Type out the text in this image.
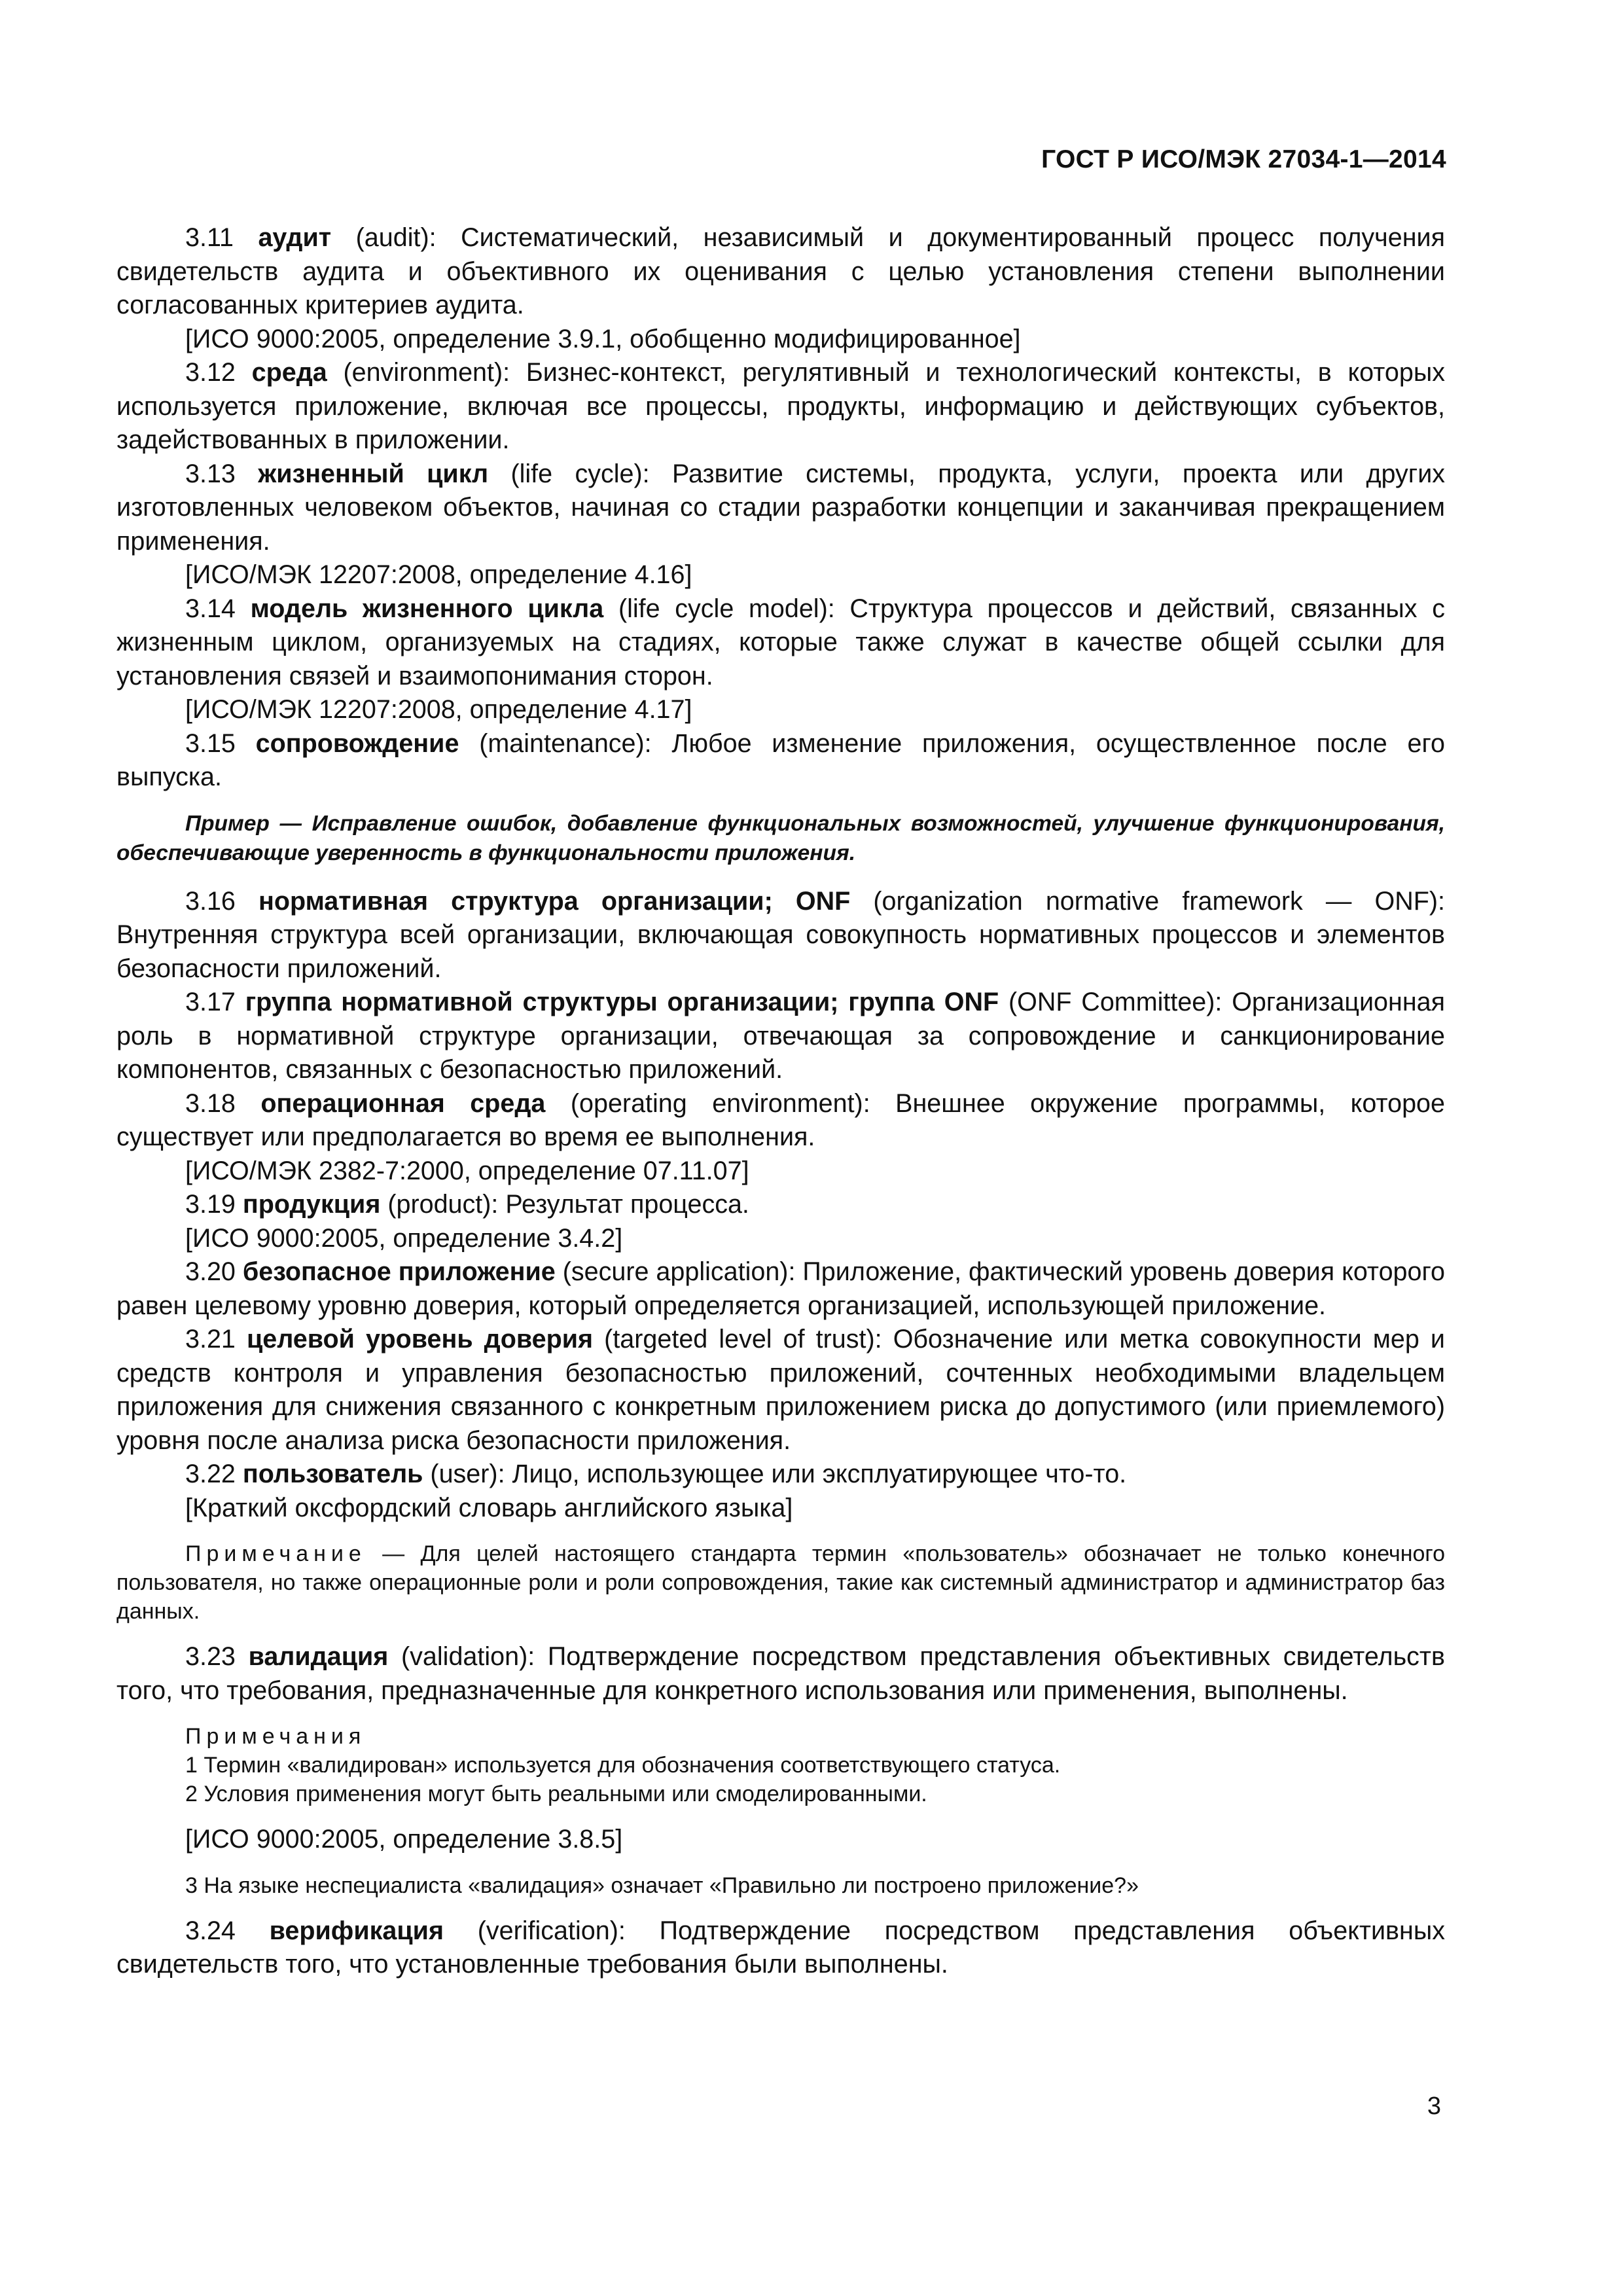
ГОСТ Р ИСО/МЭК 27034-1—2014

3.11 аудит (audit): Систематический, независимый и документированный процесс получения свидетельств аудита и объективного их оценивания с целью установления степени выполнении согласованных критериев аудита.

[ИСО 9000:2005, определение 3.9.1, обобщенно модифицированное]

3.12 среда (environment): Бизнес-контекст, регулятивный и технологический контексты, в которых используется приложение, включая все процессы, продукты, информацию и действующих субъектов, задействованных в приложении.

3.13 жизненный цикл (life cycle): Развитие системы, продукта, услуги, проекта или других изготовленных человеком объектов, начиная со стадии разработки концепции и заканчивая прекращением применения.

[ИСО/МЭК 12207:2008, определение 4.16]

3.14 модель жизненного цикла (life cycle model): Структура процессов и действий, связанных с жизненным циклом, организуемых на стадиях, которые также служат в качестве общей ссылки для установления связей и взаимопонимания сторон.

[ИСО/МЭК 12207:2008, определение 4.17]

3.15 сопровождение (maintenance): Любое изменение приложения, осуществленное после его выпуска.

Пример — Исправление ошибок, добавление функциональных возможностей, улучшение функционирования, обеспечивающие уверенность в функциональности приложения.

3.16 нормативная структура организации; ONF (organization normative framework — ONF): Внутренняя структура всей организации, включающая совокупность нормативных процессов и элементов безопасности приложений.

3.17 группа нормативной структуры организации; группа ONF (ONF Committee): Организационная роль в нормативной структуре организации, отвечающая за сопровождение и санкционирование компонентов, связанных с безопасностью приложений.

3.18 операционная среда (operating environment): Внешнее окружение программы, которое существует или предполагается во время ее выполнения.

[ИСО/МЭК 2382-7:2000, определение 07.11.07]

3.19 продукция (product): Результат процесса.

[ИСО 9000:2005, определение 3.4.2]

3.20 безопасное приложение (secure application): Приложение, фактический уровень доверия которого равен целевому уровню доверия, который определяется организацией, использующей приложение.

3.21 целевой уровень доверия (targeted level of trust): Обозначение или метка совокупности мер и средств контроля и управления безопасностью приложений, сочтенных необходимыми владельцем приложения для снижения связанного с конкретным приложением риска до допустимого (или приемлемого) уровня после анализа риска безопасности приложения.

3.22 пользователь (user): Лицо, использующее или эксплуатирующее что-то.

[Краткий оксфордский словарь английского языка]

Примечание — Для целей настоящего стандарта термин «пользователь» обозначает не только конечного пользователя, но также операционные роли и роли сопровождения, такие как системный администратор и администратор баз данных.

3.23 валидация (validation): Подтверждение посредством представления объективных свидетельств того, что требования, предназначенные для конкретного использования или применения, выполнены.

Примечания

1 Термин «валидирован» используется для обозначения соответствующего статуса.

2 Условия применения могут быть реальными или смоделированными.

[ИСО 9000:2005, определение 3.8.5]

3 На языке неспециалиста «валидация» означает «Правильно ли построено приложение?»

3.24 верификация (verification): Подтверждение посредством представления объективных свидетельств того, что установленные требования были выполнены.

3
